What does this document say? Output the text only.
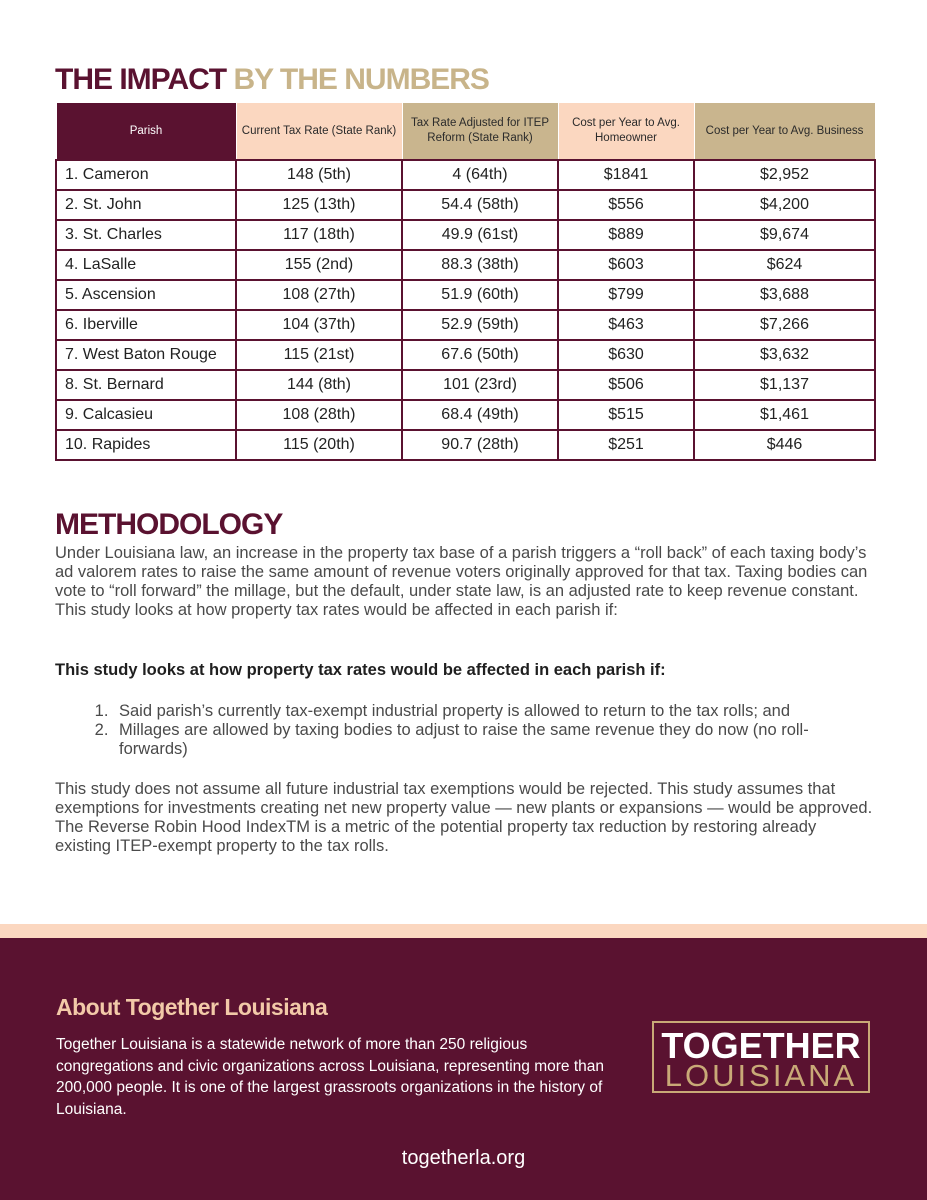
THE IMPACT BY THE NUMBERS
Parish	Current Tax Rate (State Rank)	Tax Rate Adjusted for ITEP Reform (State Rank)	Cost per Year to Avg. Homeowner	Cost per Year to Avg. Business
1. Cameron	148 (5th)	4 (64th)	$1841	$2,952
2. St. John	125 (13th)	54.4 (58th)	$556	$4,200
3. St. Charles	117 (18th)	49.9 (61st)	$889	$9,674
4. LaSalle	155 (2nd)	88.3 (38th)	$603	$624
5. Ascension	108 (27th)	51.9 (60th)	$799	$3,688
6. Iberville	104 (37th)	52.9 (59th)	$463	$7,266
7. West Baton Rouge	115 (21st)	67.6 (50th)	$630	$3,632
8. St. Bernard	144 (8th)	101 (23rd)	$506	$1,137
9. Calcasieu	108 (28th)	68.4 (49th)	$515	$1,461
10. Rapides	115 (20th)	90.7 (28th)	$251	$446
METHODOLOGY

Under Louisiana law, an increase in the property tax base of a parish triggers a “roll back” of each taxing body’s ad valorem rates to raise the same amount of revenue voters originally approved for that tax. Taxing bodies can vote to “roll forward” the millage, but the default, under state law, is an adjusted rate to keep revenue constant. This study looks at how property tax rates would be affected in each parish if:

This study looks at how property tax rates would be affected in each parish if:

1. Said parish’s currently tax-exempt industrial property is allowed to return to the tax rolls; and
2. Millages are allowed by taxing bodies to adjust to raise the same revenue they do now (no roll-forwards)

This study does not assume all future industrial tax exemptions would be rejected. This study assumes that exemptions for investments creating net new property value — new plants or expansions — would be approved. The Reverse Robin Hood IndexTM is a metric of the potential property tax reduction by restoring already existing ITEP-exempt property to the tax rolls.

About Together Louisiana

Together Louisiana is a statewide network of more than 250 religious congregations and civic organizations across Louisiana, representing more than 200,000 people. It is one of the largest grassroots organizations in the history of Louisiana.

TOGETHER
LOUISIANA
togetherla.org
